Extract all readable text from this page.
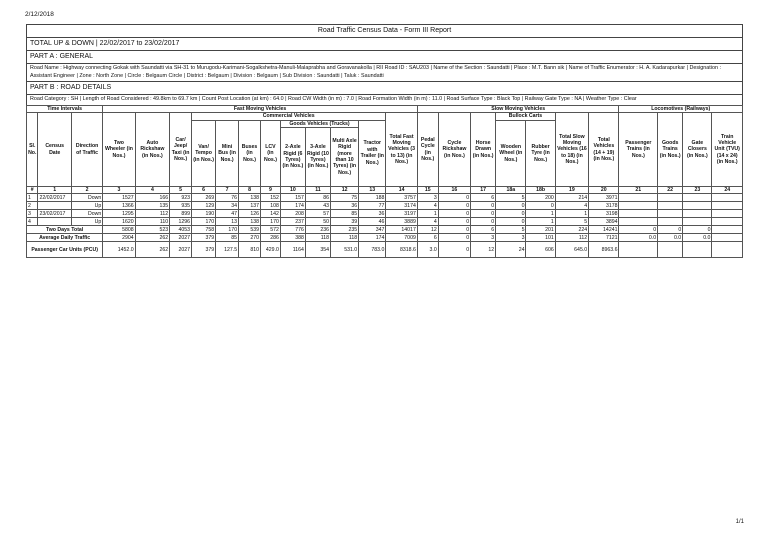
2/12/2018
Road Traffic Census Data - Form III Report
TOTAL UP & DOWN | 22/02/2017 to 23/02/2017
PART A : GENERAL
Road Name : Highway connecting Gokak with Saundatti via SH-31 to Murugodu-Karimani-Sogalkshetra-Manuli-Malaprabha and Goravanakolla | RII Road ID : SAU203 | Name of the Section : Saundatti | Place : M.T. Bann sik | Name of Traffic Enumerator : H. A. Kadarapurkar | Designation : Assistant Engineer | Zone : North Zone | Circle : Belgaum Circle | District : Belgaum | Division : Belgaum | Sub Division : Saundatti | Taluk : Saundatti
PART B : ROAD DETAILS
Road Category : SH | Length of Road Considered : 49.8km to 69.7 km | Count Post Location (at km) : 64.0 | Road CW Width (in m) : 7.0 | Road Formation Width (in m) : 11.0 | Road Surface Type : Black Top | Railway Gate Type : NA | Weather Type : Clear
Time Intervals			Fast Moving Vehicles												Slow Moving Vehicles							Locomotives (Railways)			
Sl. No.	Census Date	Direction of Traffic	Two Wheeler (in Nos.)	Auto Rickshaw (in Nos.)	Car/ Jeep/ Taxi (in Nos.)	Commercial Vehicles								Total Fast Moving Vehicles (3 to 13) (in Nos.)	Pedal Cycle (in Nos.)	Cycle Rickshaw (in Nos.)	Horse Drawn (in Nos.)	Bullock Carts		Total Slow Moving Vehicles (16 to 18) (in Nos.)	Total Vehicles (14 + 19) (in Nos.)	Passenger Trains (in Nos.)	Goods Trains (in Nos.)	Gate Closers (in Nos.)	Train Vehicle Unit (TVU) (14 x 24) (in Nos.)
						Van/ Tempo (in Nos.)	Mini Bus (in Nos.)	Buses (in Nos.)	LCV (in Nos.)	Goods Vehicles (Trucks)			Tractor with Trailer (in Nos.)					Wooden Wheel (in Nos.)	Rubber Tyre (in Nos.)						
										2-Axle Rigid (6 Tyres) (in Nos.)	3-Axle Rigid (10 Tyres) (in Nos.)	Multi Axle Rigid (more than 10 Tyres) (in Nos.)													
#	1	2	3	4	5	6	7	8	9	10	11	12	13	14	15	16	17	18a	18b	19	20	21	22	23	24
1	22/02/2017	Down	1527	166	923	269	76	138	152	157	86	75	188	3757	3	0	6	5	200	214	3971				
2		Up	1366	135	935	129	34	137	108	174	43	36	77	3174	4	0	0	0	0	4	3178				
3	23/02/2017	Down	1295	112	899	190	47	126	142	208	57	85	36	3197	1	0	0	0	1	1	3198				
4		Up	1620	110	1296	170	13	138	170	237	50	39	46	3889	4	0	0	0	1	5	3894				
Two Days Total			5808	523	4053	758	170	539	572	776	236	235	347	14017	12	0	6	5	201	224	14241	0	0	0	
Average Daily Traffic			2904	262	2027	379	85	270	286	388	118	118	174	7009	6	0	3	3	101	112	7121	0.0	0.0	0.0	
Passenger Car Units (PCU)			1452.0	262	2027	379	127.5	810	429.0	1164	354	531.0	783.0	8318.6	3.0	0	12	24	606	645.0	8963.6				
1/1
